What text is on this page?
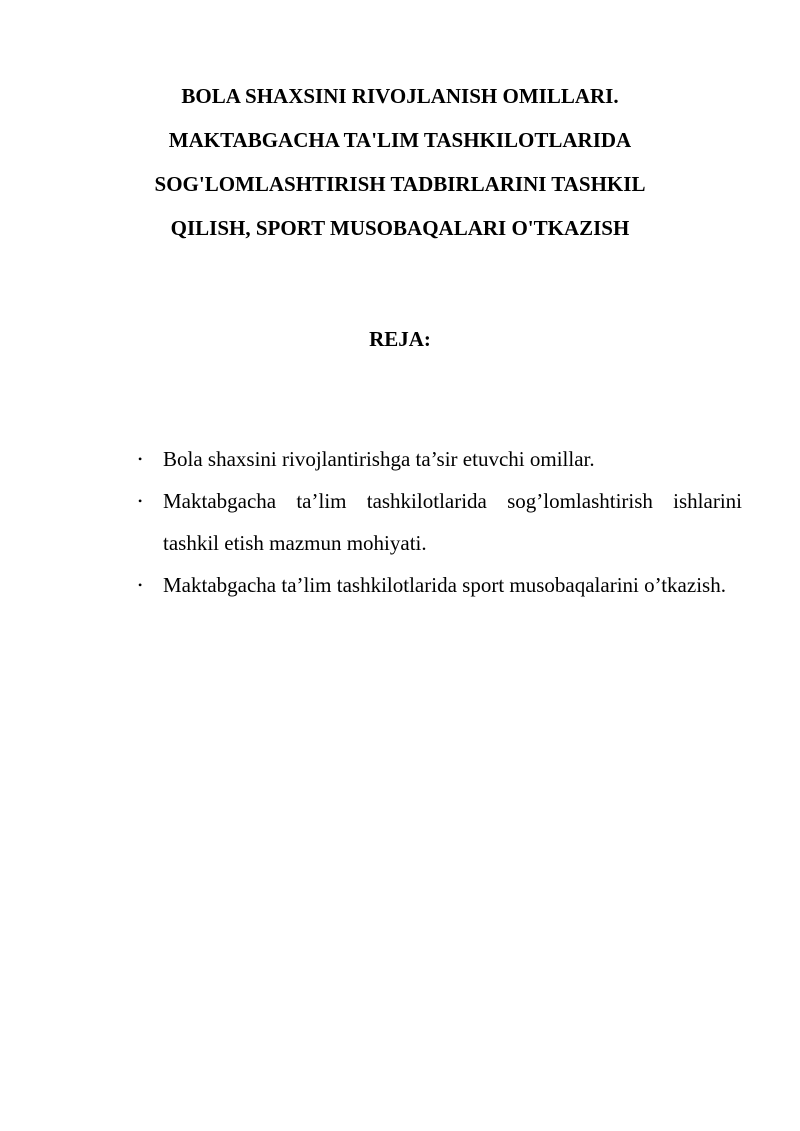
BOLA SHAXSINI RIVOJLANISH OMILLARI.
MAKTABGACHA TA'LIM TASHKILOTLARIDA
SOG'LOMLASHTIRISH TADBIRLARINI TASHKIL
QILISH, SPORT MUSOBAQALARI O'TKAZISH
REJA:
• Bola shaxsini rivojlantirishga ta’sir etuvchi omillar.
• Maktabgacha ta’lim tashkilotlarida sog’lomlashtirish ishlarini tashkil etish mazmun mohiyati.
• Maktabgacha ta’lim tashkilotlarida sport musobaqalarini o’tkazish.
